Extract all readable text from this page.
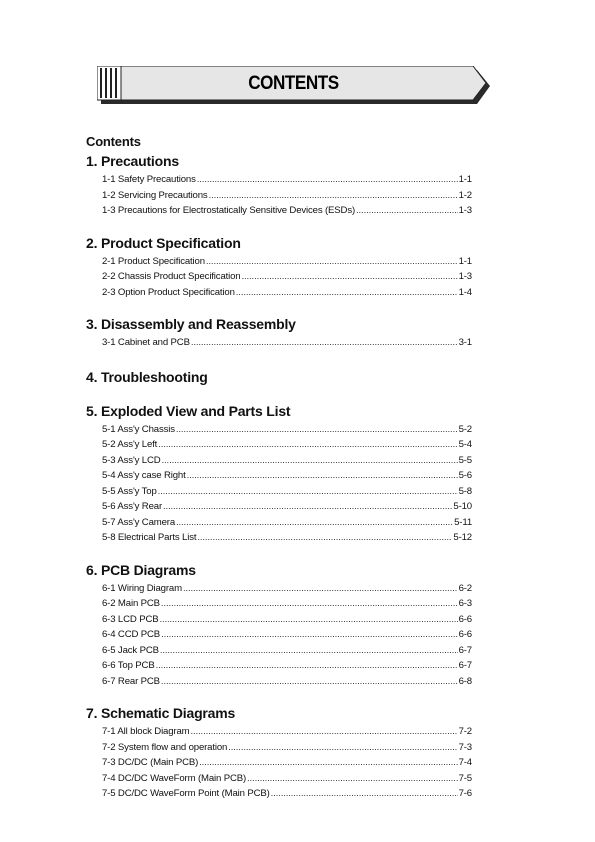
CONTENTS
Contents
1. Precautions
1-1 Safety Precautions .....	1-1
1-2 Servicing Precautions .....	1-2
1-3 Precautions for Electrostatically Sensitive Devices (ESDs) .....	1-3
2. Product Specification
2-1 Product Specification .....	1-1
2-2 Chassis Product Specification .....	1-3
2-3 Option Product Specification .....	1-4
3. Disassembly and Reassembly
3-1 Cabinet and PCB .....	3-1
4. Troubleshooting
5. Exploded View and Parts List
5-1 Ass'y Chassis .....	5-2
5-2 Ass'y Left .....	5-4
5-3 Ass'y LCD .....	5-5
5-4 Ass'y case Right .....	5-6
5-5 Ass'y Top .....	5-8
5-6 Ass'y Rear .....	5-10
5-7 Ass'y Camera .....	5-11
5-8 Electrical Parts List .....	5-12
6. PCB Diagrams
6-1 Wiring Diagram .....	6-2
6-2 Main PCB .....	6-3
6-3 LCD PCB .....	6-6
6-4 CCD PCB .....	6-6
6-5 Jack PCB .....	6-7
6-6 Top PCB .....	6-7
6-7 Rear PCB .....	6-8
7. Schematic Diagrams
7-1 All block Diagram .....	7-2
7-2 System flow and operation .....	7-3
7-3 DC/DC (Main PCB) .....	7-4
7-4 DC/DC WaveForm (Main PCB) .....	7-5
7-5 DC/DC WaveForm Point (Main PCB) .....	7-6
